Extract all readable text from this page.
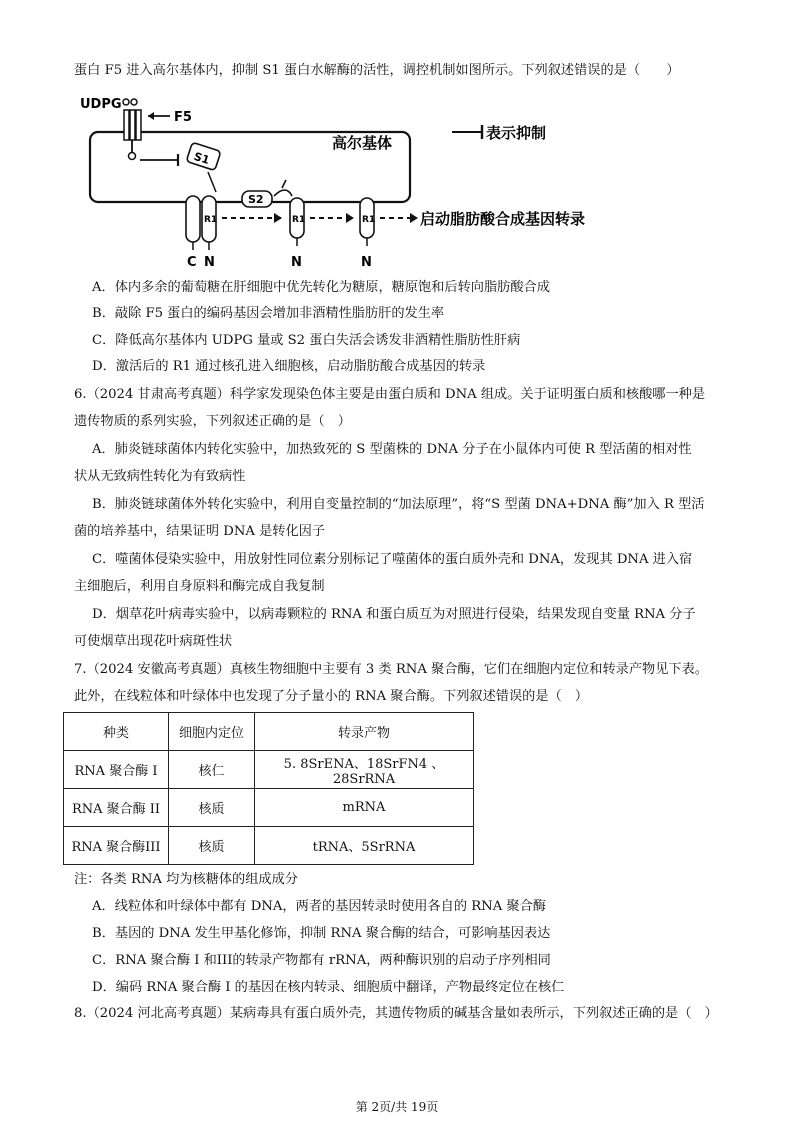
蛋白 F5 进入高尔基体内，抑制 S1 蛋白水解酶的活性，调控机制如图所示。下列叙述错误的是（　　）
UDPG
F5
高尔基体
S1
R1
C N
S2
R1
N
R1
N
启动脂肪酸合成基因转录
表示抑制
A．体内多余的葡萄糖在肝细胞中优先转化为糖原，糖原饱和后转向脂肪酸合成
B．敲除 F5 蛋白的编码基因会增加非酒精性脂肪肝的发生率
C．降低高尔基体内 UDPG 量或 S2 蛋白失活会诱发非酒精性脂肪性肝病
D．激活后的 R1 通过核孔进入细胞核，启动脂肪酸合成基因的转录
6.（2024 甘肃高考真题）科学家发现染色体主要是由蛋白质和 DNA 组成。关于证明蛋白质和核酸哪一种是
遗传物质的系列实验，下列叙述正确的是（　）
A．肺炎链球菌体内转化实验中，加热致死的 S 型菌株的 DNA 分子在小鼠体内可使 R 型活菌的相对性
状从无致病性转化为有致病性
B．肺炎链球菌体外转化实验中，利用自变量控制的“加法原理”，将“S 型菌 DNA+DNA 酶”加入 R 型活
菌的培养基中，结果证明 DNA 是转化因子
C．噬菌体侵染实验中，用放射性同位素分别标记了噬菌体的蛋白质外壳和 DNA，发现其 DNA 进入宿
主细胞后，利用自身原料和酶完成自我复制
D．烟草花叶病毒实验中，以病毒颗粒的 RNA 和蛋白质互为对照进行侵染，结果发现自变量 RNA 分子
可使烟草出现花叶病斑性状
7.（2024 安徽高考真题）真核生物细胞中主要有 3 类 RNA 聚合酶，它们在细胞内定位和转录产物见下表。
此外，在线粒体和叶绿体中也发现了分子量小的 RNA 聚合酶。下列叙述错误的是（　）
种类	细胞内定位	转录产物
RNA 聚合酶 I	核仁	5. 8SrENA、18SrFN4 、28SrRNA
RNA 聚合酶 II	核质	mRNA
RNA 聚合酶III	核质	tRNA、5SrRNA
注：各类 RNA 均为核糖体的组成成分
A．线粒体和叶绿体中都有 DNA，两者的基因转录时使用各自的 RNA 聚合酶
B．基因的 DNA 发生甲基化修饰，抑制 RNA 聚合酶的结合，可影响基因表达
C．RNA 聚合酶 I 和III的转录产物都有 rRNA，两种酶识别的启动子序列相同
D．编码 RNA 聚合酶 I 的基因在核内转录、细胞质中翻译，产物最终定位在核仁
8.（2024 河北高考真题）某病毒具有蛋白质外壳，其遗传物质的碱基含量如表所示，下列叙述正确的是（　）
第 2页/共 19页
